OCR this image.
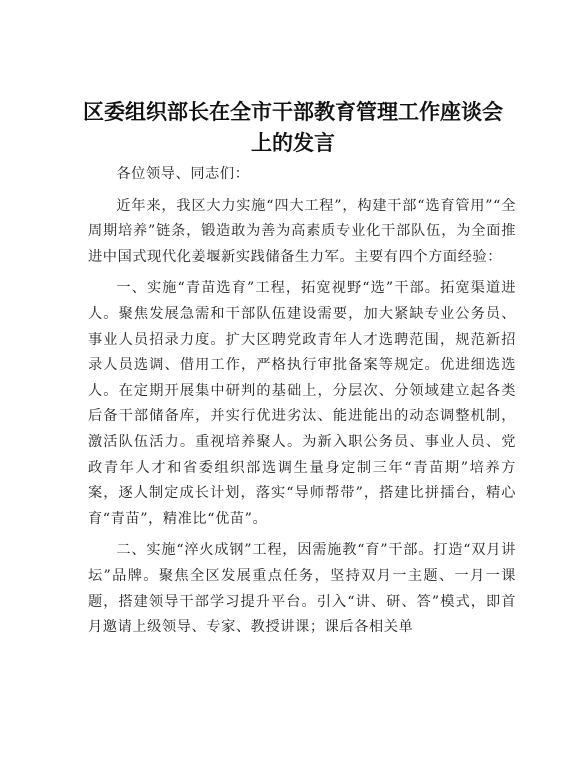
区委组织部长在全市干部教育管理工作座谈会
上的发言

各位领导、同志们：

近年来，我区大力实施“四大工程”，构建干部“选育管用”“全周期培养”链条，锻造敢为善为高素质专业化干部队伍，为全面推进中国式现代化姜堰新实践储备生力军。主要有四个方面经验：

一、实施“青苗选育”工程，拓宽视野“选”干部。拓宽渠道进人。聚焦发展急需和干部队伍建设需要，加大紧缺专业公务员、事业人员招录力度。扩大区聘党政青年人才选聘范围，规范新招录人员选调、借用工作，严格执行审批备案等规定。优进细选选人。在定期开展集中研判的基础上，分层次、分领域建立起各类后备干部储备库，并实行优进劣汰、能进能出的动态调整机制，激活队伍活力。重视培养聚人。为新入职公务员、事业人员、党政青年人才和省委组织部选调生量身定制三年“青苗期”培养方案，逐人制定成长计划，落实“导师帮带”，搭建比拼擂台，精心育“青苗”，精准比“优苗”。

二、实施“淬火成钢”工程，因需施教“育”干部。打造“双月讲坛”品牌。聚焦全区发展重点任务，坚持双月一主题、一月一课题，搭建领导干部学习提升平台。引入“讲、研、答”模式，即首月邀请上级领导、专家、教授讲课；课后各相关单
